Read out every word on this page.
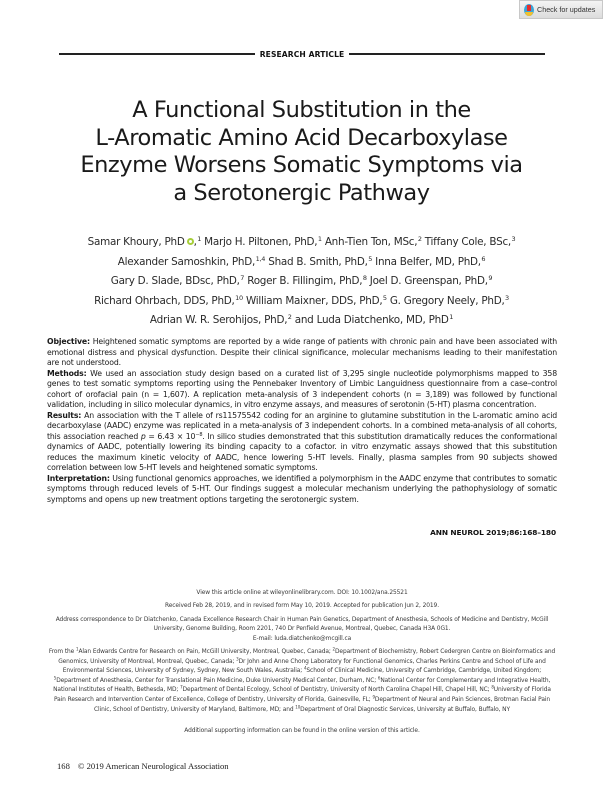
Check for updates
RESEARCH ARTICLE
A Functional Substitution in the
L-Aromatic Amino Acid Decarboxylase
Enzyme Worsens Somatic Symptoms via
a Serotonergic Pathway
Samar Khoury, PhD ,$^1$ Marjo H. Piltonen, PhD,$^1$ Anh-Tien Ton, MSc,$^2$ Tiffany Cole, BSc,$^3$
Alexander Samoshkin, PhD,$^{1,4}$ Shad B. Smith, PhD,$^5$ Inna Belfer, MD, PhD,$^6$
Gary D. Slade, BDsc, PhD,$^7$ Roger B. Fillingim, PhD,$^8$ Joel D. Greenspan, PhD,$^9$
Richard Ohrbach, DDS, PhD,$^{10}$ William Maixner, DDS, PhD,$^5$ G. Gregory Neely, PhD,$^3$
Adrian W. R. Serohijos, PhD,$^2$ and Luda Diatchenko, MD, PhD$^1$

Objective: Heightened somatic symptoms are reported by a wide range of patients with chronic pain and have been associated with emotional distress and physical dysfunction. Despite their clinical significance, molecular mechanisms leading to their manifestation are not understood.

Methods: We used an association study design based on a curated list of 3,295 single nucleotide polymorphisms mapped to 358 genes to test somatic symptoms reporting using the Pennebaker Inventory of Limbic Languidness questionnaire from a case–control cohort of orofacial pain (n = 1,607). A replication meta-analysis of 3 independent cohorts (n = 3,189) was followed by functional validation, including in silico molecular dynamics, in vitro enzyme assays, and measures of serotonin (5-HT) plasma concentration.

Results: An association with the T allele of rs11575542 coding for an arginine to glutamine substitution in the L-aromatic amino acid decarboxylase (AADC) enzyme was replicated in a meta-analysis of 3 independent cohorts. In a combined meta-analysis of all cohorts, this association reached $p = 6.43 \times 10^{-8}$. In silico studies demonstrated that this substitution dramatically reduces the conformational dynamics of AADC, potentially lowering its binding capacity to a cofactor. in vitro enzymatic assays showed that this substitution reduces the maximum kinetic velocity of AADC, hence lowering 5-HT levels. Finally, plasma samples from 90 subjects showed correlation between low 5-HT levels and heightened somatic symptoms.

Interpretation: Using functional genomics approaches, we identified a polymorphism in the AADC enzyme that contributes to somatic symptoms through reduced levels of 5-HT. Our findings suggest a molecular mechanism underlying the pathophysiology of somatic symptoms and opens up new treatment options targeting the serotonergic system.

ANN NEUROL 2019;86:168–180
View this article online at wileyonlinelibrary.com. DOI: 10.1002/ana.25521
Received Feb 28, 2019, and in revised form May 10, 2019. Accepted for publication Jun 2, 2019.

Address correspondence to Dr Diatchenko, Canada Excellence Research Chair in Human Pain Genetics, Department of Anesthesia, Schools of Medicine and Dentistry, McGill University, Genome Building, Room 2201, 740 Dr Penfield Avenue, Montreal, Quebec, Canada H3A 0G1.

E-mail: luda.diatchenko@mcgill.ca

From the $^1$Alan Edwards Centre for Research on Pain, McGill University, Montreal, Quebec, Canada; $^2$Department of Biochemistry, Robert Cedergren Centre on Bioinformatics and Genomics, University of Montreal, Montreal, Quebec, Canada; $^3$Dr John and Anne Chong Laboratory for Functional Genomics, Charles Perkins Centre and School of Life and Environmental Sciences, University of Sydney, Sydney, New South Wales, Australia; $^4$School of Clinical Medicine, University of Cambridge, Cambridge, United Kingdom; $^5$Department of Anesthesia, Center for Translational Pain Medicine, Duke University Medical Center, Durham, NC; $^6$National Center for Complementary and Integrative Health, National Institutes of Health, Bethesda, MD; $^7$Department of Dental Ecology, School of Dentistry, University of North Carolina Chapel Hill, Chapel Hill, NC; $^8$University of Florida Pain Research and Intervention Center of Excellence, College of Dentistry, University of Florida, Gainesville, FL; $^9$Department of Neural and Pain Sciences, Brotman Facial Pain Clinic, School of Dentistry, University of Maryland, Baltimore, MD; and $^{10}$Department of Oral Diagnostic Services, University at Buffalo, Buffalo, NY
Additional supporting information can be found in the online version of this article.
168 © 2019 American Neurological Association
